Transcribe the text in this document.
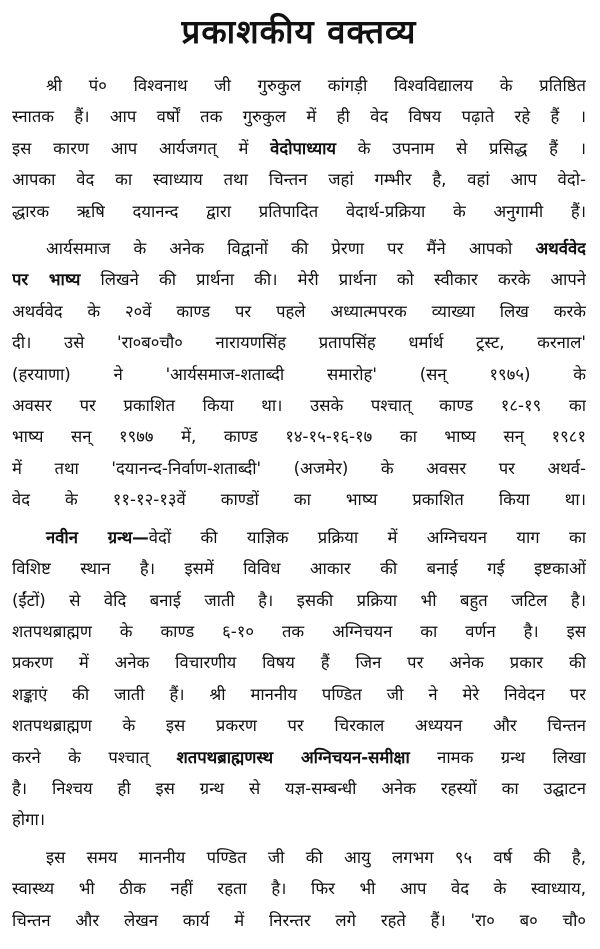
प्रकाशकीय वक्तव्य
श्री पं० विश्वनाथ जी गुरुकुल कांगड़ी विश्वविद्यालय के प्रतिष्ठित
स्नातक हैं। आप वर्षों तक गुरुकुल में ही वेद विषय पढ़ाते रहे हैं ।
इस कारण आप आर्यजगत् में वेदोपाध्याय के उपनाम से प्रसिद्ध हैं ।
आपका वेद का स्वाध्याय तथा चिन्तन जहां गम्भीर है, वहां आप वेदो-
द्धारक ऋषि दयानन्द द्वारा प्रतिपादित वेदार्थ-प्रक्रिया के अनुगामी हैं।
आर्यसमाज के अनेक विद्वानों की प्रेरणा पर मैंने आपको अथर्ववेद
पर भाष्य लिखने की प्रार्थना की। मेरी प्रार्थना को स्वीकार करके आपने
अथर्ववेद के २०वें काण्ड पर पहले अध्यात्मपरक व्याख्या लिख करके
दी। उसे 'रा०ब०चौ० नारायणसिंह प्रतापसिंह धर्मार्थ ट्रस्ट, करनाल'
(हरयाणा) ने 'आर्यसमाज-शताब्दी समारोह' (सन् १९७५) के
अवसर पर प्रकाशित किया था। उसके पश्चात् काण्ड १८-१९ का
भाष्य सन् १९७७ में, काण्ड १४-१५-१६-१७ का भाष्य सन् १९८१
में तथा 'दयानन्द-निर्वाण-शताब्दी' (अजमेर) के अवसर पर अथर्व-
वेद के ११-१२-१३वें काण्डों का भाष्य प्रकाशित किया था।
नवीन ग्रन्थ—वेदों की याज्ञिक प्रक्रिया में अग्निचयन याग का
विशिष्ट स्थान है। इसमें विविध आकार की बनाई गई इष्टकाओं
(ईंटों) से वेदि बनाई जाती है। इसकी प्रक्रिया भी बहुत जटिल है।
शतपथब्राह्मण के काण्ड ६-१० तक अग्निचयन का वर्णन है। इस
प्रकरण में अनेक विचारणीय विषय हैं जिन पर अनेक प्रकार की
शङ्काएं की जाती हैं। श्री माननीय पण्डित जी ने मेरे निवेदन पर
शतपथब्राह्मण के इस प्रकरण पर चिरकाल अध्ययन और चिन्तन
करने के पश्चात् शतपथब्राह्मणस्थ अग्निचयन-समीक्षा नामक ग्रन्थ लिखा
है। निश्चय ही इस ग्रन्थ से यज्ञ-सम्बन्धी अनेक रहस्यों का उद्घाटन
होगा।
इस समय माननीय पण्डित जी की आयु लगभग ९५ वर्ष की है,
स्वास्थ्य भी ठीक नहीं रहता है। फिर भी आप वेद के स्वाध्याय,
चिन्तन और लेखन कार्य में निरन्तर लगे रहते हैं। 'रा० ब० चौ०
